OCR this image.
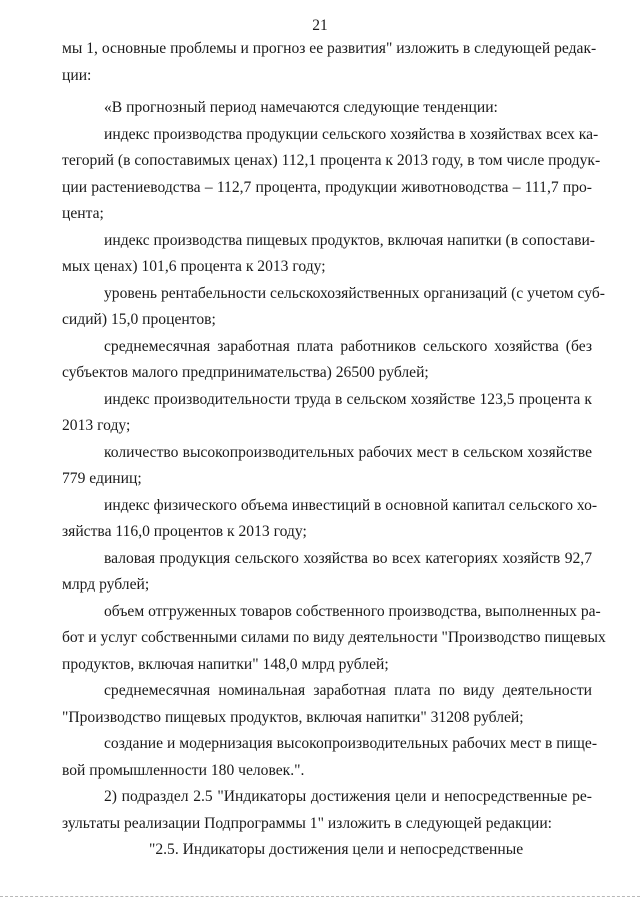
21
мы 1, основные проблемы и прогноз ее развития" изложить в следующей редак-
ции:
«В прогнозный период намечаются следующие тенденции:
индекс производства продукции сельского хозяйства в хозяйствах всех ка-
тегорий (в сопоставимых ценах) 112,1 процента к 2013 году, в том числе продук-
ции растениеводства – 112,7 процента, продукции животноводства – 111,7 про-
цента;
индекс производства пищевых продуктов, включая напитки (в сопостави-
мых ценах) 101,6 процента к 2013 году;
уровень рентабельности сельскохозяйственных организаций (с учетом суб-
сидий) 15,0 процентов;
среднемесячная заработная плата работников сельского хозяйства (без
субъектов малого предпринимательства) 26500 рублей;
индекс производительности труда в сельском хозяйстве 123,5 процента к
2013 году;
количество высокопроизводительных рабочих мест в сельском хозяйстве
779 единиц;
индекс физического объема инвестиций в основной капитал сельского хо-
зяйства 116,0 процентов к 2013 году;
валовая продукция сельского хозяйства во всех категориях хозяйств 92,7
млрд рублей;
объем отгруженных товаров собственного производства, выполненных ра-
бот и услуг собственными силами по виду деятельности "Производство пищевых
продуктов, включая напитки" 148,0 млрд рублей;
среднемесячная номинальная заработная плата по виду деятельности
"Производство пищевых продуктов, включая напитки" 31208 рублей;
создание и модернизация высокопроизводительных рабочих мест в пище-
вой промышленности 180 человек.".
2) подраздел 2.5 "Индикаторы достижения цели и непосредственные ре-
зультаты реализации Подпрограммы 1" изложить в следующей редакции:
"2.5. Индикаторы достижения цели и непосредственные
